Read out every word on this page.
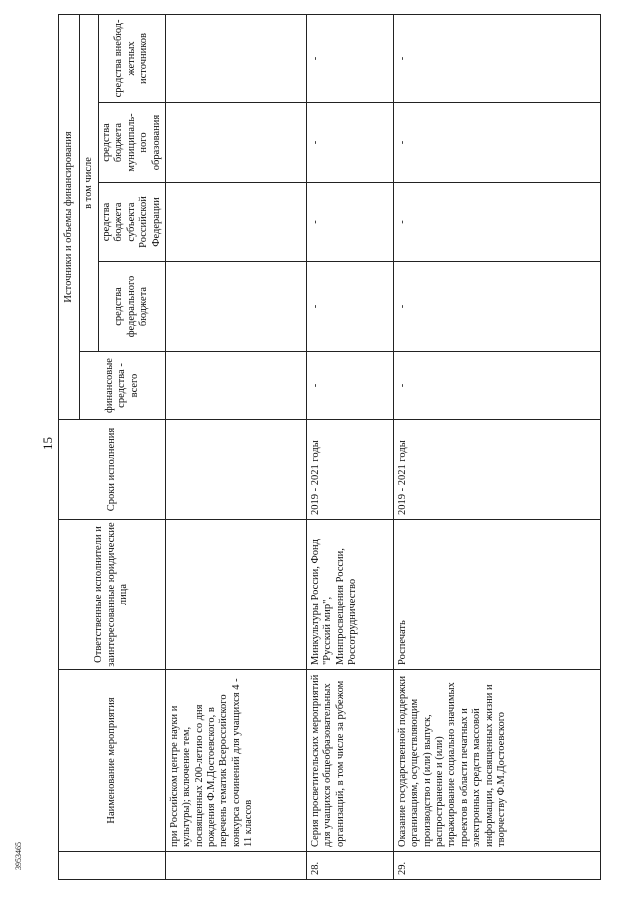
15
3953465
	Наименование мероприятия	Ответственные исполнители и заинтересованные юридические лица	Сроки исполнения	Источники и объемы финансирования				
				финансовые средства - всего	в том числе			
					средства федерального бюджета	средства бюджета субъекта Российской Федерации	средства бюджета муниципаль-ного образования	средства внебюд-жетных источников
	при Российском центре науки и культуры); включение тем, посвященных 200-летию со дня рождения Ф.М.Достоевского, в перечень тематик Всероссийского конкурса сочинений для учащихся 4 - 11 классов							
28.	Серия просветительских мероприятий для учащихся общеобразовательных организаций, в том числе за рубежом	Минкультуры России, Фонд "Русский мир", Минпросвещения России, Россотрудничество	2019 - 2021 годы	-	-	-	-	-
29.	Оказание государственной поддержки организациям, осуществляющим производство и (или) выпуск, распространение и (или) тиражирование социально значимых проектов в области печатных и электронных средств массовой информации, посвященных жизни и творчеству Ф.М.Достоевского	Роспечать	2019 - 2021 годы	-	-	-	-	-
